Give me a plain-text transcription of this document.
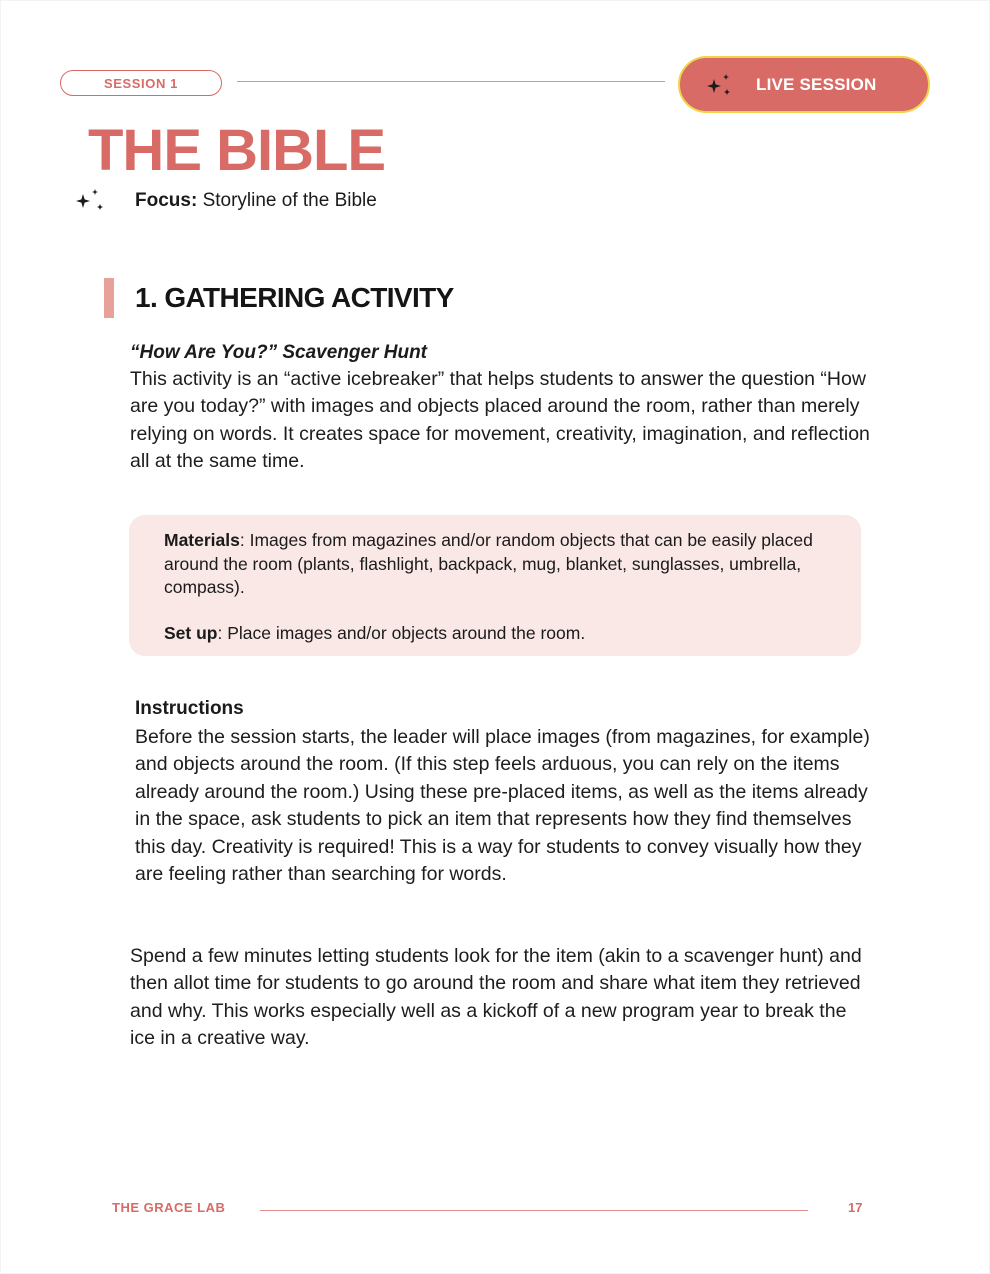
SESSION 1	LIVE SESSION
THE BIBLE
Focus: Storyline of the Bible
1. GATHERING ACTIVITY
“How Are You?” Scavenger Hunt

This activity is an “active icebreaker” that helps students to answer the question “How are you today?” with images and objects placed around the room, rather than merely relying on words. It creates space for movement, creativity, imagination, and reflection all at the same time.

Materials: Images from magazines and/or random objects that can be easily placed around the room (plants, flashlight, backpack, mug, blanket, sunglasses, umbrella, compass).

Set up: Place images and/or objects around the room.

Instructions

Before the session starts, the leader will place images (from magazines, for example) and objects around the room. (If this step feels arduous, you can rely on the items already around the room.) Using these pre-placed items, as well as the items already in the space, ask students to pick an item that represents how they find themselves this day. Creativity is required! This is a way for students to convey visually how they are feeling rather than searching for words.

Spend a few minutes letting students look for the item (akin to a scavenger hunt) and then allot time for students to go around the room and share what item they retrieved and why. This works especially well as a kickoff of a new program year to break the ice in a creative way.

THE GRACE LAB	17
